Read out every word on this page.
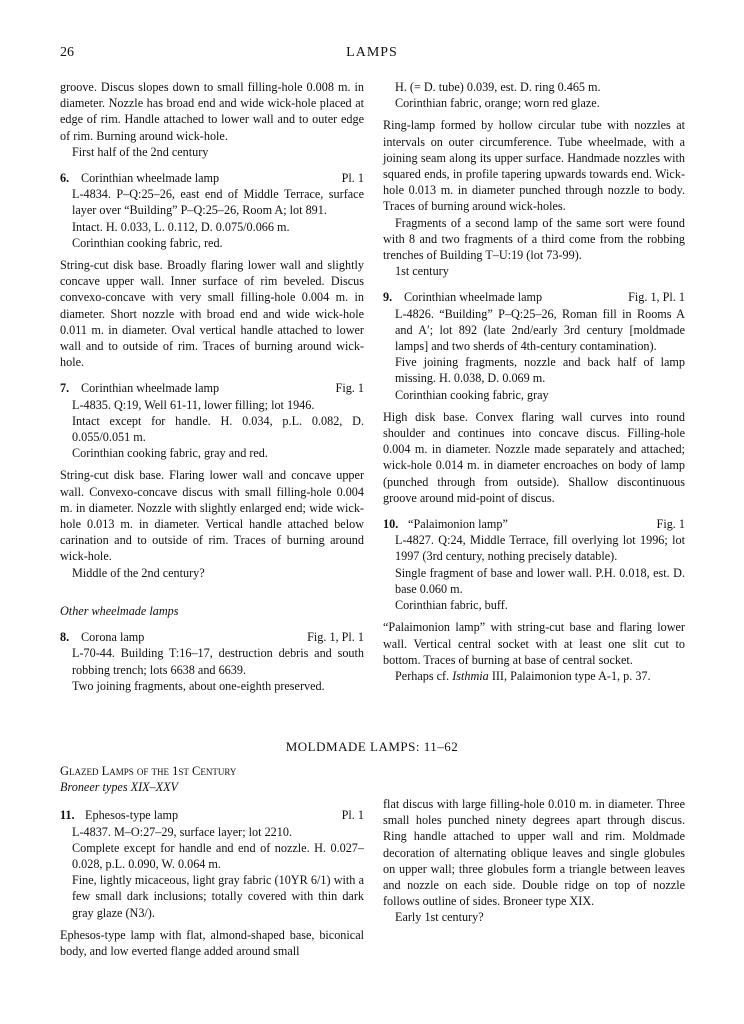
26	LAMPS

groove. Discus slopes down to small filling-hole 0.008 m. in diameter. Nozzle has broad end and wide wick-hole placed at edge of rim. Handle attached to lower wall and to outer edge of rim. Burning around wick-hole.

First half of the 2nd century

6. Corinthian wheelmade lamp	Pl. 1

L-4834. P–Q:25–26, east end of Middle Terrace, surface layer over “Building” P–Q:25–26, Room A; lot 891.

Intact. H. 0.033, L. 0.112, D. 0.075/0.066 m.

Corinthian cooking fabric, red.

String-cut disk base. Broadly flaring lower wall and slightly concave upper wall. Inner surface of rim beveled. Discus convexo-concave with very small filling-hole 0.004 m. in diameter. Short nozzle with broad end and wide wick-hole 0.011 m. in diameter. Oval vertical handle attached to lower wall and to outside of rim. Traces of burning around wick-hole.

7. Corinthian wheelmade lamp	Fig. 1

L-4835. Q:19, Well 61-11, lower filling; lot 1946.

Intact except for handle. H. 0.034, p.L. 0.082, D. 0.055/0.051 m.

Corinthian cooking fabric, gray and red.

String-cut disk base. Flaring lower wall and concave upper wall. Convexo-concave discus with small filling-hole 0.004 m. in diameter. Nozzle with slightly enlarged end; wide wick-hole 0.013 m. in diameter. Vertical handle attached below carination and to outside of rim. Traces of burning around wick-hole.

Middle of the 2nd century?

Other wheelmade lamps

8. Corona lamp	Fig. 1, Pl. 1

L-70-44. Building T:16–17, destruction debris and south robbing trench; lots 6638 and 6639.

Two joining fragments, about one-eighth preserved.

H. (= D. tube) 0.039, est. D. ring 0.465 m.

Corinthian fabric, orange; worn red glaze.

Ring-lamp formed by hollow circular tube with nozzles at intervals on outer circumference. Tube wheelmade, with a joining seam along its upper surface. Handmade nozzles with squared ends, in profile tapering upwards towards end. Wick-hole 0.013 m. in diameter punched through nozzle to body. Traces of burning around wick-holes.

Fragments of a second lamp of the same sort were found with 8 and two fragments of a third come from the robbing trenches of Building T–U:19 (lot 73-99).

1st century

9. Corinthian wheelmade lamp	Fig. 1, Pl. 1

L-4826. “Building” P–Q:25–26, Roman fill in Rooms A and A′; lot 892 (late 2nd/early 3rd century [moldmade lamps] and two sherds of 4th-century contamination).

Five joining fragments, nozzle and back half of lamp missing. H. 0.038, D. 0.069 m.

Corinthian cooking fabric, gray

High disk base. Convex flaring wall curves into round shoulder and continues into concave discus. Filling-hole 0.004 m. in diameter. Nozzle made separately and attached; wick-hole 0.014 m. in diameter encroaches on body of lamp (punched through from outside). Shallow discontinuous groove around mid-point of discus.

10. “Palaimonion lamp”	Fig. 1

L-4827. Q:24, Middle Terrace, fill overlying lot 1996; lot 1997 (3rd century, nothing precisely datable).

Single fragment of base and lower wall. P.H. 0.018, est. D. base 0.060 m.

Corinthian fabric, buff.

“Palaimonion lamp” with string-cut base and flaring lower wall. Vertical central socket with at least one slit cut to bottom. Traces of burning at base of central socket.

Perhaps cf. Isthmia III, Palaimonion type A-1, p. 37.

MOLDMADE LAMPS: 11–62

Glazed Lamps of the 1st Century

Broneer types XIX–XXV

11. Ephesos-type lamp	Pl. 1

L-4837. M–O:27–29, surface layer; lot 2210.

Complete except for handle and end of nozzle. H. 0.027–0.028, p.L. 0.090, W. 0.064 m.

Fine, lightly micaceous, light gray fabric (10YR 6/1) with a few small dark inclusions; totally covered with thin dark gray glaze (N3/).

Ephesos-type lamp with flat, almond-shaped base, biconical body, and low everted flange added around small

flat discus with large filling-hole 0.010 m. in diameter. Three small holes punched ninety degrees apart through discus. Ring handle attached to upper wall and rim. Moldmade decoration of alternating oblique leaves and single globules on upper wall; three globules form a triangle between leaves and nozzle on each side. Double ridge on top of nozzle follows outline of sides. Broneer type XIX.

Early 1st century?
